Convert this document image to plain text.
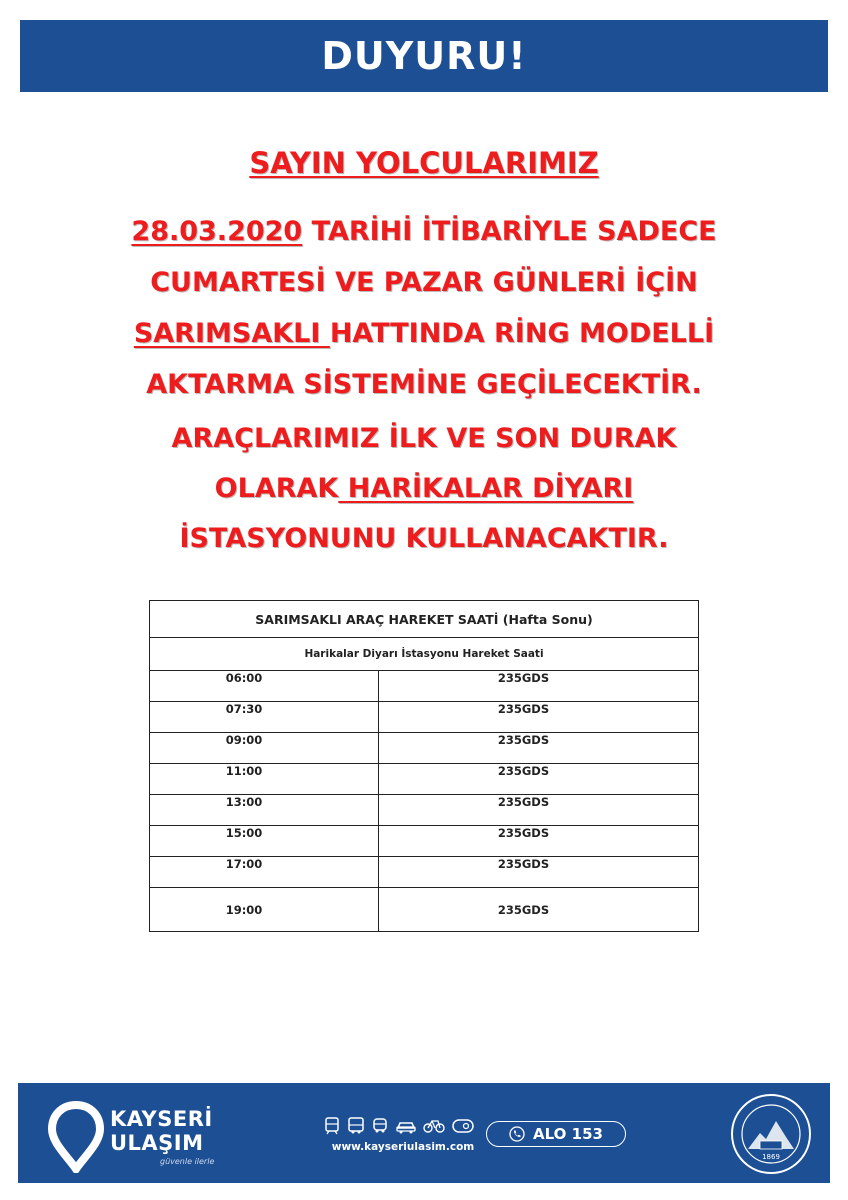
DUYURU!
SAYIN YOLCULARIMIZ
28.03.2020 TARİHİ İTİBARİYLE SADECE
CUMARTESİ VE PAZAR GÜNLERİ İÇİN
SARIMSAKLI HATTINDA RİNG MODELLİ
AKTARMA SİSTEMİNE GEÇİLECEKTİR.
ARAÇLARIMIZ İLK VE SON DURAK
OLARAK HARİKALAR DİYARI
İSTASYONUNU KULLANACAKTIR.
SARIMSAKLI ARAÇ HAREKET SAATİ (Hafta Sonu)	
Harikalar Diyarı İstasyonu Hareket Saati	
06:00	235GDS
07:30	235GDS
09:00	235GDS
11:00	235GDS
13:00	235GDS
15:00	235GDS
17:00	235GDS
19:00	235GDS
KAYSERİ
ULAŞIM
güvenle ilerle
www.kayseriulasim.com
ALO 153
1869
